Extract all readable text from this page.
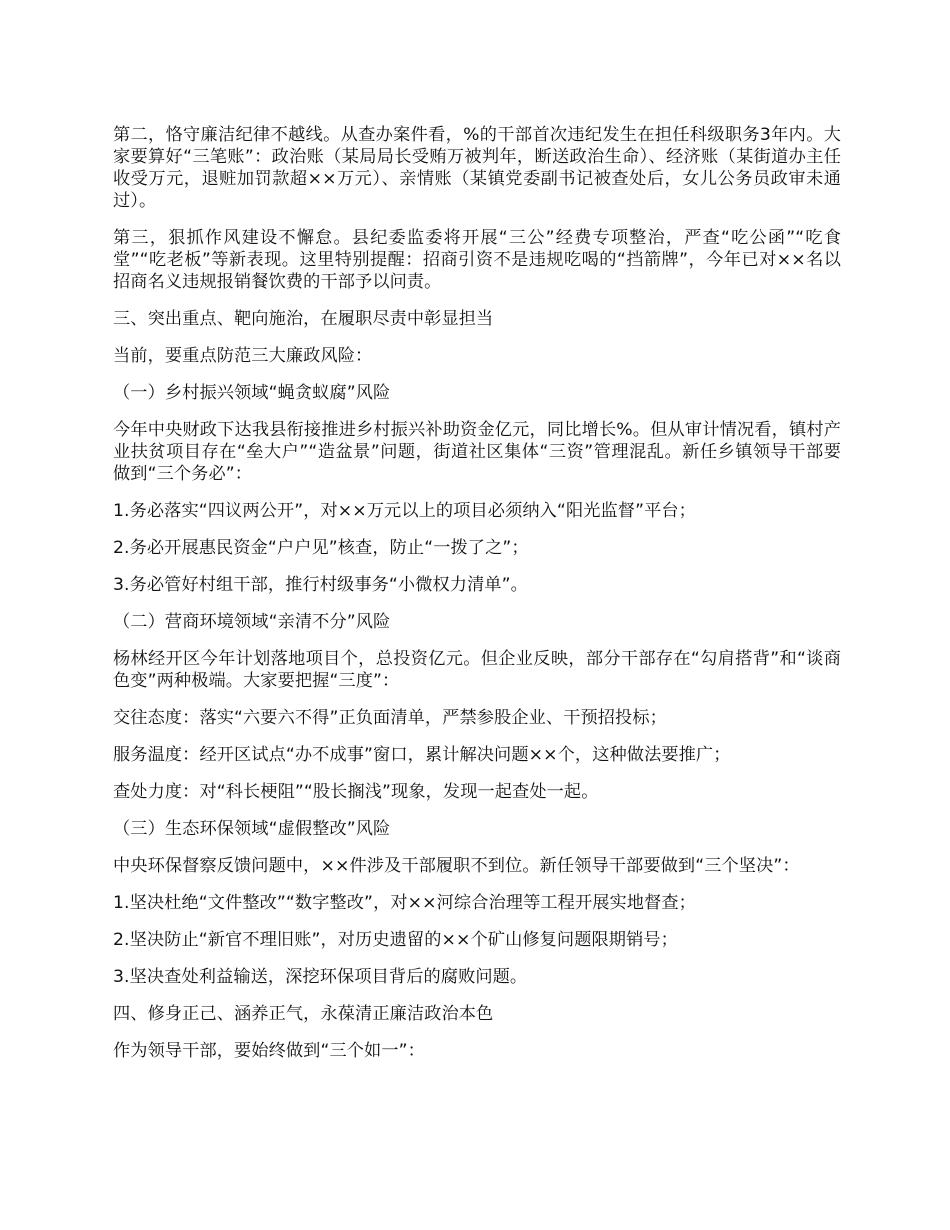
第二，恪守廉洁纪律不越线。从查办案件看，%的干部首次违纪发生在担任科级职务3年内。大家要算好“三笔账”：政治账（某局局长受贿万被判年，断送政治生命）、经济账（某街道办主任收受万元，退赃加罚款超××万元）、亲情账（某镇党委副书记被查处后，女儿公务员政审未通过）。

第三，狠抓作风建设不懈怠。县纪委监委将开展“三公”经费专项整治，严查“吃公函”“吃食堂”“吃老板”等新表现。这里特别提醒：招商引资不是违规吃喝的“挡箭牌”，今年已对××名以招商名义违规报销餐饮费的干部予以问责。

三、突出重点、靶向施治，在履职尽责中彰显担当

当前，要重点防范三大廉政风险：

（一）乡村振兴领域“蝇贪蚁腐”风险

今年中央财政下达我县衔接推进乡村振兴补助资金亿元，同比增长%。但从审计情况看，镇村产业扶贫项目存在“垒大户”“造盆景”问题，街道社区集体“三资”管理混乱。新任乡镇领导干部要做到“三个务必”：

1.务必落实“四议两公开”，对××万元以上的项目必须纳入“阳光监督”平台；

2.务必开展惠民资金“户户见”核查，防止“一拨了之”；

3.务必管好村组干部，推行村级事务“小微权力清单”。

（二）营商环境领域“亲清不分”风险

杨林经开区今年计划落地项目个，总投资亿元。但企业反映，部分干部存在“勾肩搭背”和“谈商色变”两种极端。大家要把握“三度”：

交往态度：落实“六要六不得”正负面清单，严禁参股企业、干预招投标；

服务温度：经开区试点“办不成事”窗口，累计解决问题××个，这种做法要推广；

查处力度：对“科长梗阻”“股长搁浅”现象，发现一起查处一起。

（三）生态环保领域“虚假整改”风险

中央环保督察反馈问题中，××件涉及干部履职不到位。新任领导干部要做到“三个坚决”：

1.坚决杜绝“文件整改”“数字整改”，对××河综合治理等工程开展实地督查；

2.坚决防止“新官不理旧账”，对历史遗留的××个矿山修复问题限期销号；

3.坚决查处利益输送，深挖环保项目背后的腐败问题。

四、修身正己、涵养正气，永葆清正廉洁政治本色

作为领导干部，要始终做到“三个如一”：
